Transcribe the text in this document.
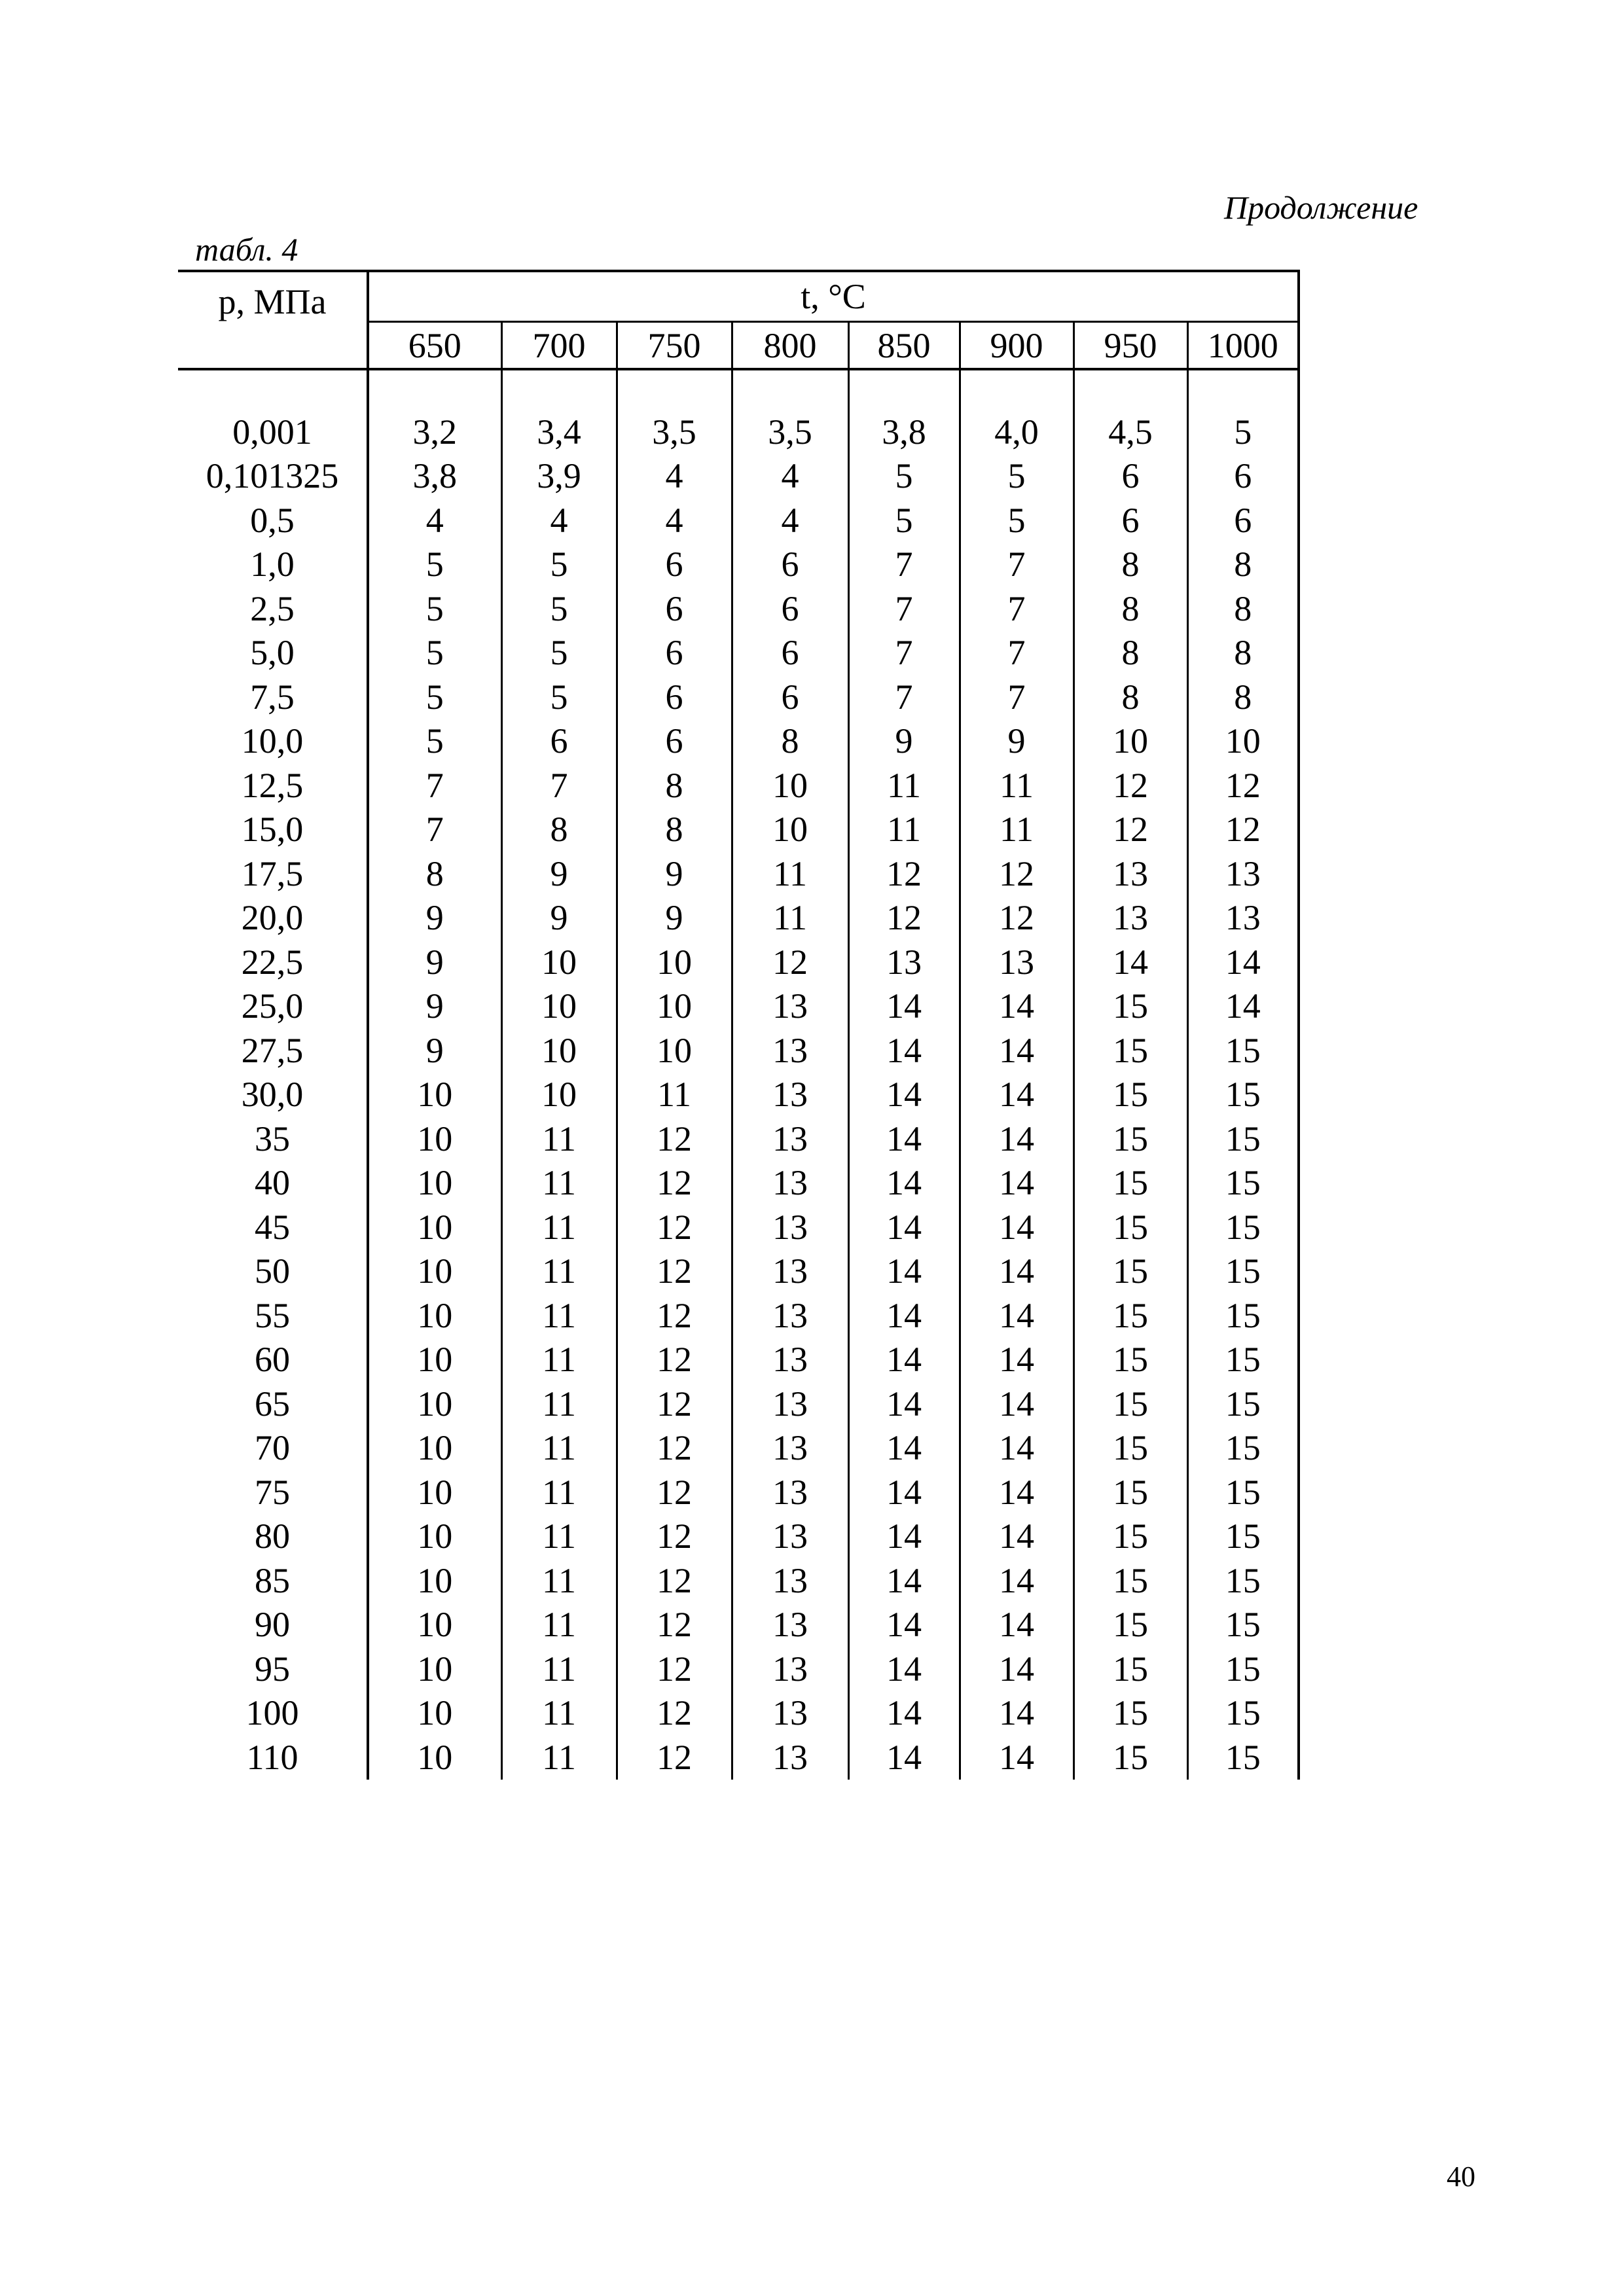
Продолжение
табл. 4
p, МПа	t, °C							
	650	700	750	800	850	900	950	1000

0,001	3,2	3,4	3,5	3,5	3,8	4,0	4,5	5
0,101325	3,8	3,9	4	4	5	5	6	6
0,5	4	4	4	4	5	5	6	6
1,0	5	5	6	6	7	7	8	8
2,5	5	5	6	6	7	7	8	8
5,0	5	5	6	6	7	7	8	8
7,5	5	5	6	6	7	7	8	8
10,0	5	6	6	8	9	9	10	10
12,5	7	7	8	10	11	11	12	12
15,0	7	8	8	10	11	11	12	12
17,5	8	9	9	11	12	12	13	13
20,0	9	9	9	11	12	12	13	13
22,5	9	10	10	12	13	13	14	14
25,0	9	10	10	13	14	14	15	14
27,5	9	10	10	13	14	14	15	15
30,0	10	10	11	13	14	14	15	15
35	10	11	12	13	14	14	15	15
40	10	11	12	13	14	14	15	15
45	10	11	12	13	14	14	15	15
50	10	11	12	13	14	14	15	15
55	10	11	12	13	14	14	15	15
60	10	11	12	13	14	14	15	15
65	10	11	12	13	14	14	15	15
70	10	11	12	13	14	14	15	15
75	10	11	12	13	14	14	15	15
80	10	11	12	13	14	14	15	15
85	10	11	12	13	14	14	15	15
90	10	11	12	13	14	14	15	15
95	10	11	12	13	14	14	15	15
100	10	11	12	13	14	14	15	15
110	10	11	12	13	14	14	15	15
40
